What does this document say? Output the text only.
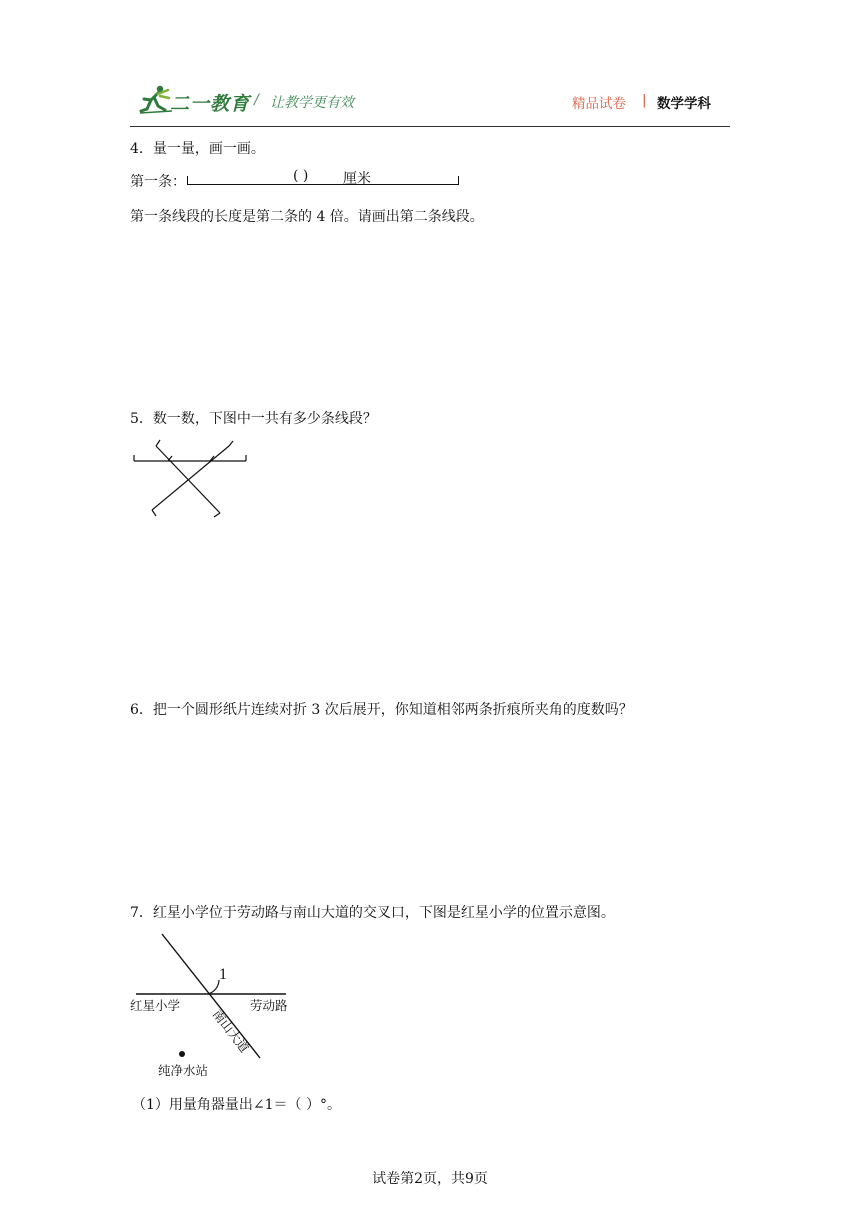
二一教育 / 让教学更有效	精品试卷 | 数学学科
4．量一量，画一画。
第一条：	( ) 厘米
第一条线段的长度是第二条的 4 倍。请画出第二条线段。
5．数一数，下图中一共有多少条线段？
6．把一个圆形纸片连续对折 3 次后展开，你知道相邻两条折痕所夹角的度数吗？
7．红星小学位于劳动路与南山大道的交叉口，下图是红星小学的位置示意图。
1
红星小学	劳动路
南山大道
纯净水站
（1）用量角器量出∠1＝（ ）°。
试卷第2页，共9页
